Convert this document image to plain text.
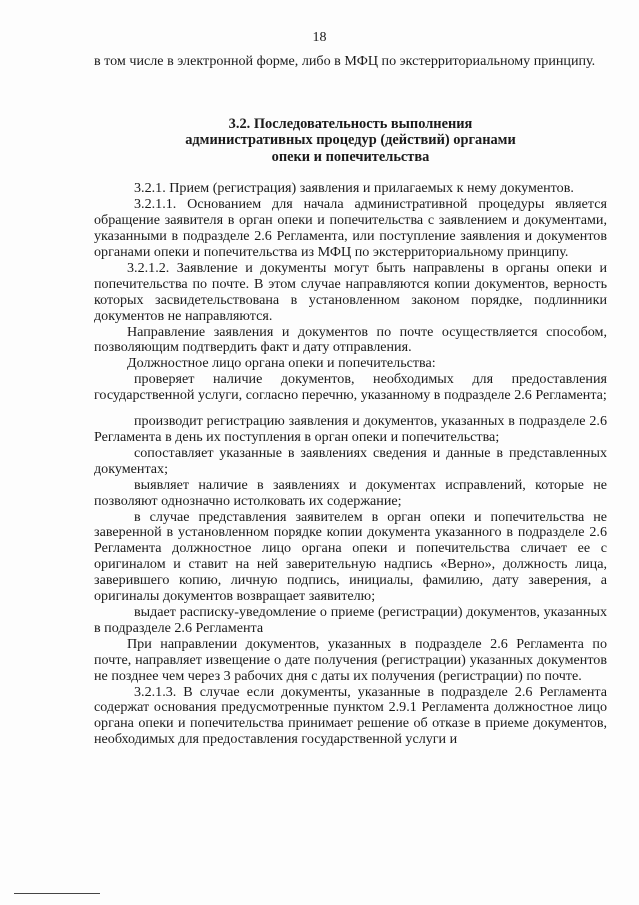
18

в том числе в электронной форме, либо в МФЦ по экстерриториальному принципу.

3.2. Последовательность выполнения
административных процедур (действий) органами
опеки и попечительства

3.2.1. Прием (регистрация) заявления и прилагаемых к нему документов.

3.2.1.1. Основанием для начала административной процедуры является обращение заявителя в орган опеки и попечительства с заявлением и документами, указанными в подразделе 2.6 Регламента, или поступление заявления и документов органами опеки и попечительства из МФЦ по экстерриториальному принципу.

3.2.1.2. Заявление и документы могут быть направлены в органы опеки и попечительства по почте. В этом случае направляются копии документов, верность которых засвидетельствована в установленном законом порядке, подлинники документов не направляются.

Направление заявления и документов по почте осуществляется способом, позволяющим подтвердить факт и дату отправления.

Должностное лицо органа опеки и попечительства:

проверяет наличие документов, необходимых для предоставления государственной услуги, согласно перечню, указанному в подразделе 2.6 Регламента;

производит регистрацию заявления и документов, указанных в подразделе 2.6 Регламента в день их поступления в орган опеки и попечительства;

сопоставляет указанные в заявлениях сведения и данные в представленных документах;

выявляет наличие в заявлениях и документах исправлений, которые не позволяют однозначно истолковать их содержание;

в случае представления заявителем в орган опеки и попечительства не заверенной в установленном порядке копии документа указанного в подразделе 2.6 Регламента должностное лицо органа опеки и попечительства сличает ее с оригиналом и ставит на ней заверительную надпись «Верно», должность лица, заверившего копию, личную подпись, инициалы, фамилию, дату заверения, а оригиналы документов возвращает заявителю;

выдает расписку-уведомление о приеме (регистрации) документов, указанных в подразделе 2.6 Регламента

При направлении документов, указанных в подразделе 2.6 Регламента по почте, направляет извещение о дате получения (регистрации) указанных документов не позднее чем через 3 рабочих дня с даты их получения (регистрации) по почте.

3.2.1.3. В случае если документы, указанные в подразделе 2.6 Регламента содержат основания предусмотренные пунктом 2.9.1 Регламента должностное лицо органа опеки и попечительства принимает решение об отказе в приеме документов, необходимых для предоставления государственной услуги и
